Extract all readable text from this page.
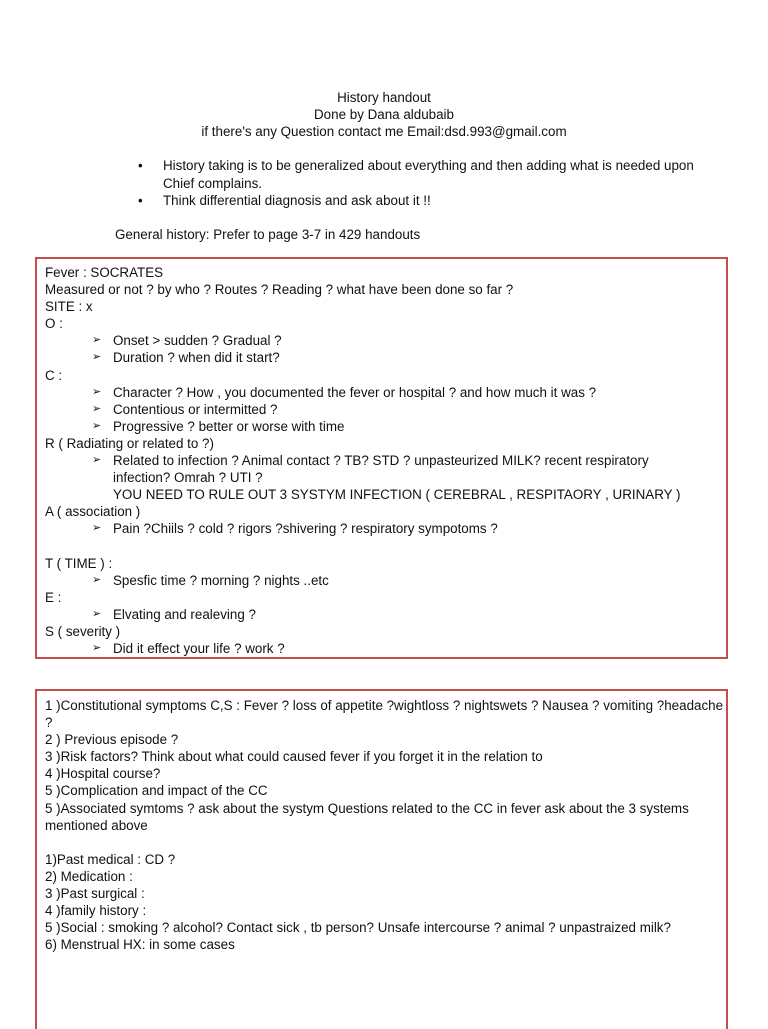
History handout
Done by Dana aldubaib
if there's any Question contact me Email:dsd.993@gmail.com
•	History taking is to be generalized about everything and then adding what is needed upon Chief complains.
•	Think differential diagnosis and ask about it !!
General history: Prefer to page 3-7 in 429 handouts
Fever : SOCRATES
Measured or not ? by who ? Routes ? Reading ? what have been done so far ?
SITE : x
O :
➢ Onset > sudden ? Gradual ?
➢ Duration ? when did it start?
C :
➢ Character ? How , you documented the fever or hospital ? and how much it was ?
➢ Contentious or intermitted ?
➢ Progressive ? better or worse with time
R ( Radiating or related to ?)
➢ Related to infection ? Animal contact ? TB? STD ? unpasteurized MILK? recent respiratory
infection? Omrah ? UTI ?
YOU NEED TO RULE OUT 3 SYSTYM INFECTION ( CEREBRAL , RESPITAORY , URINARY )
A ( association )
➢ Pain ?Chiils ? cold ? rigors ?shivering ? respiratory sympotoms ?
T ( TIME ) :
➢ Spesfic time ? morning ? nights ..etc
E :
➢ Elvating and realeving ?
S ( severity )
➢ Did it effect your life ? work ?
1 )Constitutional symptoms C,S : Fever ? loss of appetite ?wightloss ? nightswets ? Nausea ? vomiting ?headache ?
2 ) Previous episode ?
3 )Risk factors? Think about what could caused fever if you forget it in the relation to
4 )Hospital course?
5 )Complication and impact of the CC
5 )Associated symtoms ? ask about the systym Questions related to the CC in fever ask about the 3 systems mentioned above
1)Past medical : CD ?
2) Medication :
3 )Past surgical :
4 )family history :
5 )Social : smoking ? alcohol? Contact sick , tb person? Unsafe intercourse ? animal ? unpastraized milk?
6) Menstrual HX: in some cases
